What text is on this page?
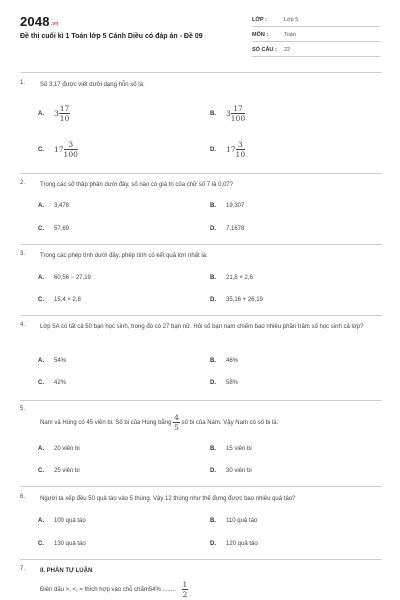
$2048^{.vn}$
Đề thi cuối kì 1 Toán lớp 5 Cánh Diều có đáp án - Đề 09
LỚP :	Lớp 5
MÔN :	Toán
SỐ CÂU : 22
1. Số 3,17 được viết dưới dạng hỗn số là:
A. $3 \frac{17}{10}$	B. $3 \frac{17}{100}$
C. $17 \frac{3}{100}$	D. $17 \frac{3}{10}$
2. Trong các số thập phân dưới đây, số nào có giá trị của chữ số 7 là 0,07?
A. 3,478	B. 19,307
C. 57,69	D. 7,1678
3. Trong các phép tính dưới đây, phép tính có kết quả lớn nhất là:
A. 60,56 − 27,19	B. 21,8 × 2,6
C. 15,4 × 2,8	D. 35,16 + 26,19
4. Lớp 5A có tất cả 50 bạn học sinh, trong đó có 27 bạn nữ. Hỏi số bạn nam chiếm bao nhiêu phần trăm số học sinh cả lớp?
A. 54%	B. 46%
C. 42%	D. 58%
5.
Nam và Hùng có 45 viên bi. Số bi của Hùng bằng $\frac{4}{5}$ số bi của Nam. Vậy Nam có số bi là:
A. 20 viên bi	B. 15 viên bi
C. 25 viên bi	D. 30 viên bi
6. Người ta xếp đều 50 quả táo vào 5 thùng. Vậy 12 thùng như thế đựng được bao nhiêu quả táo?
A. 100 quả táo	B. 110 quả táo
C. 130 quả táo	D. 120 quả táo
7. II. PHẦN TỰ LUẬN
Điền dấu >, <, = thích hợp vào chỗ chấm54% ........ $\frac{1}{2}$
